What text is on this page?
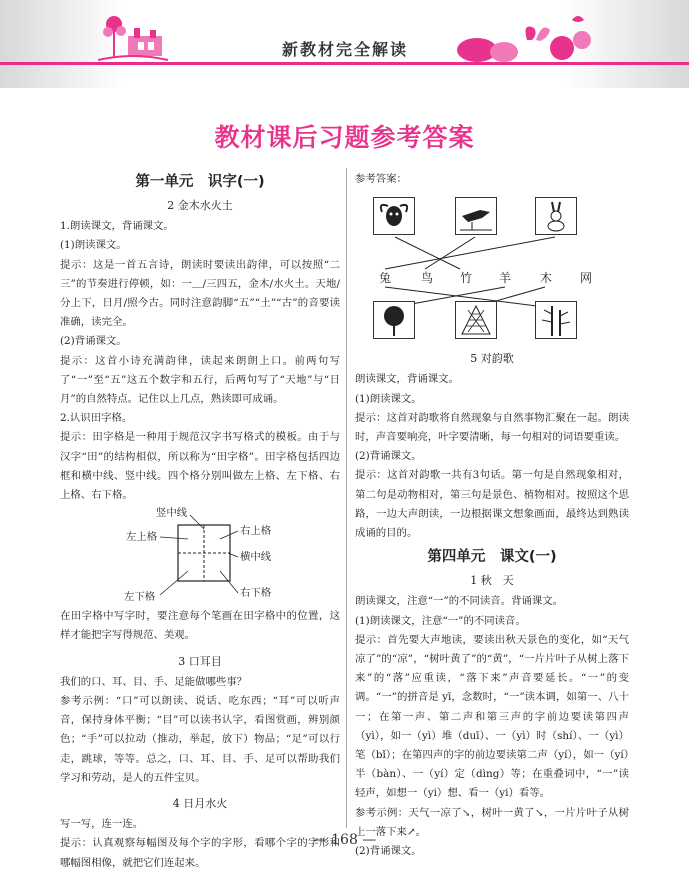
新教材完全解读
教材课后习题参考答案
第一单元　识字(一)
2 金木水火土

1.朗读课文，背诵课文。

(1)朗读课文。

提示：这是一首五言诗，朗读时要读出韵律，可以按照“二三”的节奏进行停顿，如：一＿/三四五，金木/水火土。天地/分上下，日月/照今古。同时注意韵脚“五”“土”“古”的音要读准确，读完全。

(2)背诵课文。

提示：这首小诗充满韵律，读起来朗朗上口。前两句写了“一”至“五”这五个数字和五行，后两句写了“天地”与“日月”的自然特点。记住以上几点，熟读即可成诵。

2.认识田字格。

提示：田字格是一种用于规范汉字书写格式的模板。由于与汉字“田”的结构相似，所以称为“田字格”。田字格包括四边框和横中线、竖中线。四个格分别叫做左上格、左下格、右上格、右下格。

竖中线
左上格	右上格
横中线
左下格	右下格

在田字格中写字时，要注意每个笔画在田字格中的位置，这样才能把字写得规范、美观。

3 口耳目

我们的口、耳、目、手、足能做哪些事？

参考示例：“口”可以朗读、说话、吃东西；“耳”可以听声音，保持身体平衡；“目”可以读书认字，看图赏画，辨别颜色；“手”可以拉动（推动，举起，放下）物品；“足”可以行走，跳球，等等。总之，口、耳、目、手、足可以帮助我们学习和劳动，是人的五件宝贝。

4 日月水火

写一写，连一连。

提示：认真观察每幅图及每个字的字形，看哪个字的字形和哪幅图相像，就把它们连起来。

参考答案：

兔 鸟 竹 羊 木 网
5 对韵歌

朗读课文，背诵课文。

(1)朗读课文。

提示：这首对韵歌将自然现象与自然事物汇聚在一起。朗读时，声音要响亮，叶字要清晰，每一句相对的词语要重读。

(2)背诵课文。

提示：这首对韵歌一共有3句话。第一句是自然现象相对，第二句是动物相对，第三句是景色、植物相对。按照这个思路，一边大声朗读，一边根据课文想象画面，最终达到熟读成诵的目的。

第四单元　课文(一)
1 秋　天

朗读课文，注意“一”的不同读音。背诵课文。

(1)朗读课文，注意“一”的不同读音。

提示：首先要大声地读，要读出秋天景色的变化，如“天气凉了”的“凉”，“树叶黄了”的“黄”，“一片片叶子从树上落下来”的“落”应重读，“落下来”声音要延长。“一”的变调。“一”的拼音是 yī，念数时，“一”读本调，如第一、八十一；在第一声、第二声和第三声的字前边要读第四声（yì），如一（yì）堆（duī）、一（yì）时（shí）、一（yì）笔（bǐ）；在第四声的字的前边要读第二声（yí），如一（yí）半（bàn）、一（yí）定（dìng）等；在重叠词中，“一”读轻声，如想一（yi）想、看一（yi）看等。

参考示例：天气一凉了↘，树叶一黄了↘，一片片叶子从树上一落下来↗。

(2)背诵课文。

— 168 —
